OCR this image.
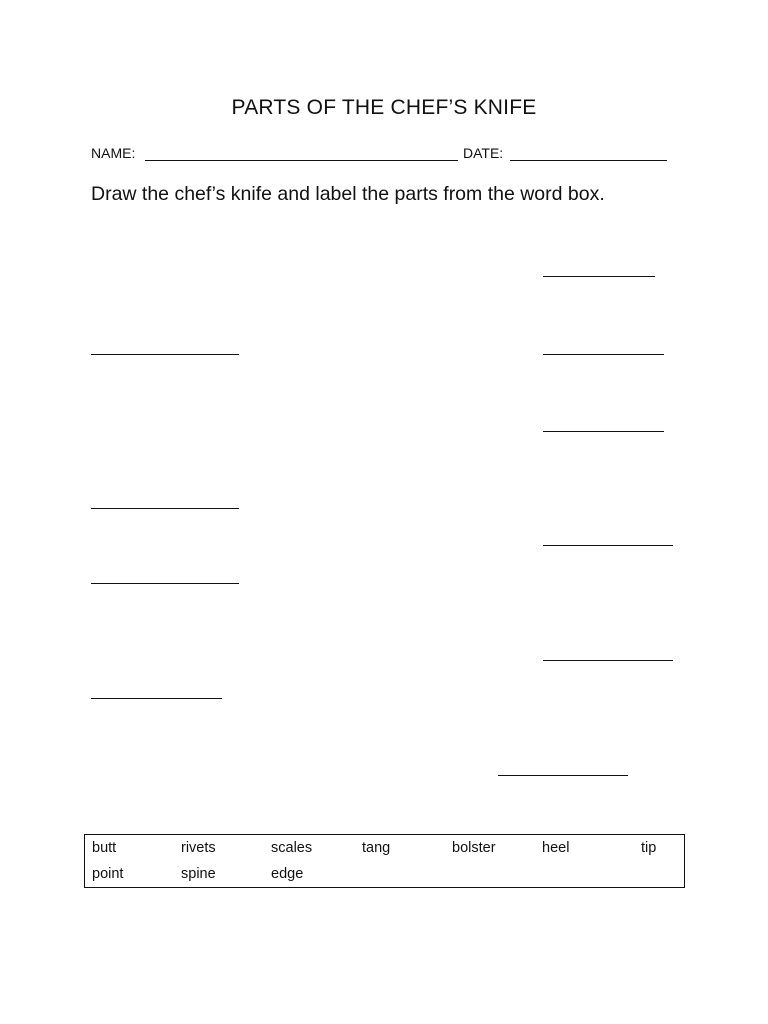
PARTS OF THE CHEF’S KNIFE
NAME:	DATE:
Draw the chef’s knife and label the parts from the word box.
butt	rivets	scales	tang	bolster	heel	tip
point	spine	edge
